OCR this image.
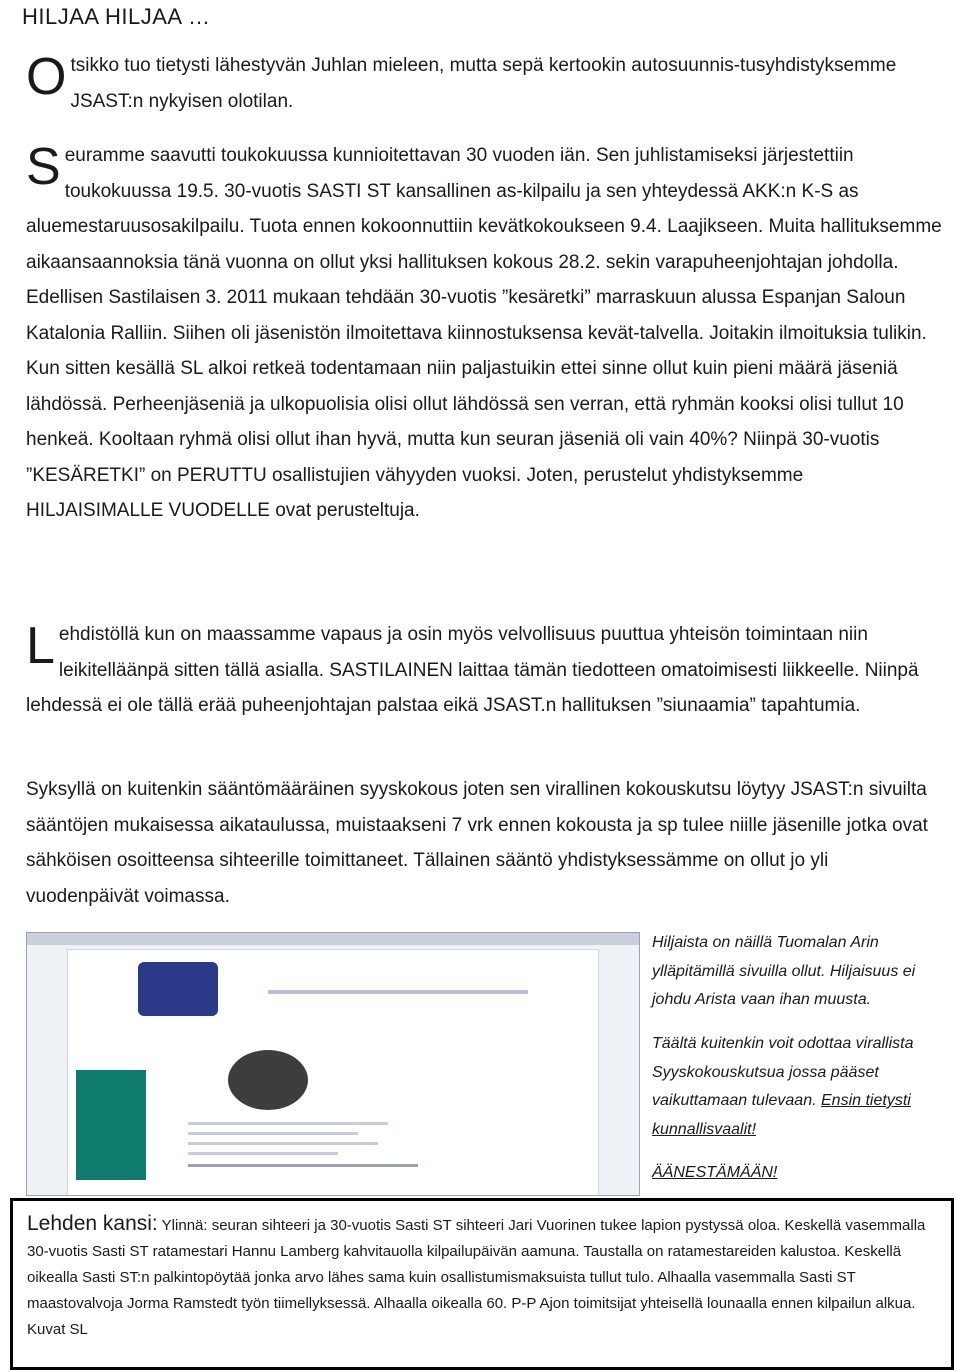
HILJAA HILJAA …

Otsikko tuo tietysti lähestyvän Juhlan mieleen, mutta sepä kertookin autosuunnis-tusyhdistyksemme JSAST:n nykyisen olotilan.

Seuramme saavutti toukokuussa kunnioitettavan 30 vuoden iän. Sen juhlistamiseksi järjestettiin toukokuussa 19.5. 30-vuotis SASTI ST kansallinen as-kilpailu ja sen yhteydessä AKK:n K-S as aluemestaruusosakilpailu. Tuota ennen kokoonnuttiin kevätkokoukseen 9.4. Laajikseen. Muita hallituksemme aikaansaannoksia tänä vuonna on ollut yksi hallituksen kokous 28.2. sekin varapuheenjohtajan johdolla. Edellisen Sastilaisen 3. 2011 mukaan tehdään 30-vuotis ”kesäretki” marraskuun alussa Espanjan Saloun Katalonia Ralliin. Siihen oli jäsenistön ilmoitettava kiinnostuksensa kevät-talvella. Joitakin ilmoituksia tulikin. Kun sitten kesällä SL alkoi retkeä todentamaan niin paljastuikin ettei sinne ollut kuin pieni määrä jäseniä lähdössä. Perheenjäseniä ja ulkopuolisia olisi ollut lähdössä sen verran, että ryhmän kooksi olisi tullut 10 henkeä. Kooltaan ryhmä olisi ollut ihan hyvä, mutta kun seuran jäseniä oli vain 40%? Niinpä 30-vuotis ”KESÄRETKI” on PERUTTU osallistujien vähyyden vuoksi. Joten, perustelut yhdistyksemme HILJAISIMALLE VUODELLE ovat perusteltuja.

Lehdistöllä kun on maassamme vapaus ja osin myös velvollisuus puuttua yhteisön toimintaan niin leikitelläänpä sitten tällä asialla. SASTILAINEN laittaa tämän tiedotteen omatoimisesti liikkeelle. Niinpä lehdessä ei ole tällä erää puheenjohtajan palstaa eikä JSAST.n hallituksen ”siunaamia” tapahtumia.

Syksyllä on kuitenkin sääntömääräinen syyskokous joten sen virallinen kokouskutsu löytyy JSAST:n sivuilta sääntöjen mukaisessa aikataulussa, muistaakseni 7 vrk ennen kokousta ja sp tulee niille jäsenille jotka ovat sähköisen osoitteensa sihteerille toimittaneet. Tällainen sääntö yhdistyksessämme on ollut jo yli vuodenpäivät voimassa.

Hiljaista on näillä Tuomalan Arin ylläpitämillä sivuilla ollut. Hiljaisuus ei johdu Arista vaan ihan muusta.

Täältä kuitenkin voit odottaa virallista Syyskokouskutsua jossa pääset vaikuttamaan tulevaan. Ensin tietysti kunnallisvaalit!

ÄÄNESTÄMÄÄN!

Lehden kansi: Ylinnä: seuran sihteeri ja 30-vuotis Sasti ST sihteeri Jari Vuorinen tukee lapion pystyssä oloa. Keskellä vasemmalla 30-vuotis Sasti ST ratamestari Hannu Lamberg kahvitauolla kilpailupäivän aamuna. Taustalla on ratamestareiden kalustoa. Keskellä oikealla Sasti ST:n palkintopöytää jonka arvo lähes sama kuin osallistumismaksuista tullut tulo. Alhaalla vasemmalla Sasti ST maastovalvoja Jorma Ramstedt työn tiimellyksessä. Alhaalla oikealla 60. P-P Ajon toimitsijat yhteisellä lounaalla ennen kilpailun alkua. Kuvat SL
